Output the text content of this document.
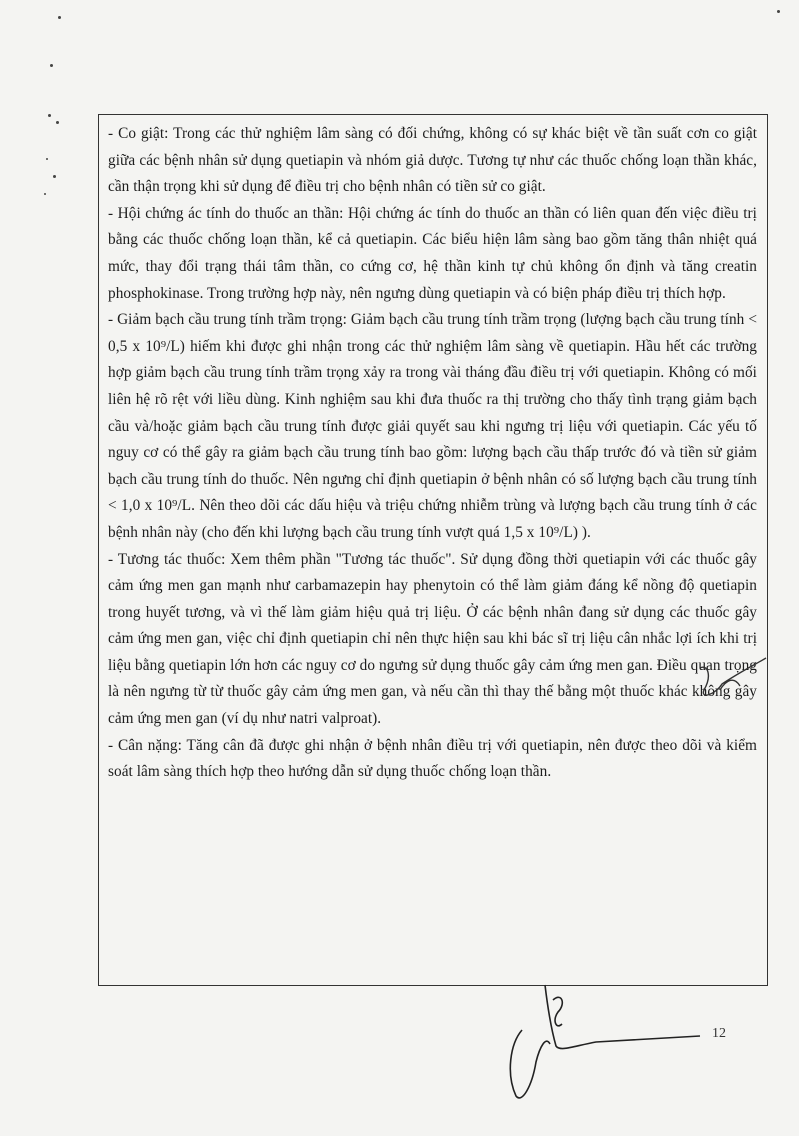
- Co giật: Trong các thử nghiệm lâm sàng có đối chứng, không có sự khác biệt về tần suất cơn co giật giữa các bệnh nhân sử dụng quetiapin và nhóm giả dược. Tương tự như các thuốc chống loạn thần khác, cần thận trọng khi sử dụng để điều trị cho bệnh nhân có tiền sử co giật.

- Hội chứng ác tính do thuốc an thần: Hội chứng ác tính do thuốc an thần có liên quan đến việc điều trị bằng các thuốc chống loạn thần, kể cả quetiapin. Các biểu hiện lâm sàng bao gồm tăng thân nhiệt quá mức, thay đổi trạng thái tâm thần, co cứng cơ, hệ thần kinh tự chủ không ổn định và tăng creatin phosphokinase. Trong trường hợp này, nên ngưng dùng quetiapin và có biện pháp điều trị thích hợp.

- Giảm bạch cầu trung tính trầm trọng: Giảm bạch cầu trung tính trầm trọng (lượng bạch cầu trung tính < 0,5 x 10⁹/L) hiếm khi được ghi nhận trong các thử nghiệm lâm sàng về quetiapin. Hầu hết các trường hợp giảm bạch cầu trung tính trầm trọng xảy ra trong vài tháng đầu điều trị với quetiapin. Không có mối liên hệ rõ rệt với liều dùng. Kinh nghiệm sau khi đưa thuốc ra thị trường cho thấy tình trạng giảm bạch cầu và/hoặc giảm bạch cầu trung tính được giải quyết sau khi ngưng trị liệu với quetiapin. Các yếu tố nguy cơ có thể gây ra giảm bạch cầu trung tính bao gồm: lượng bạch cầu thấp trước đó và tiền sử giảm bạch cầu trung tính do thuốc. Nên ngưng chỉ định quetiapin ở bệnh nhân có số lượng bạch cầu trung tính < 1,0 x 10⁹/L. Nên theo dõi các dấu hiệu và triệu chứng nhiễm trùng và lượng bạch cầu trung tính ở các bệnh nhân này (cho đến khi lượng bạch cầu trung tính vượt quá 1,5 x 10⁹/L) ).

- Tương tác thuốc: Xem thêm phần "Tương tác thuốc". Sử dụng đồng thời quetiapin với các thuốc gây cảm ứng men gan mạnh như carbamazepin hay phenytoin có thể làm giảm đáng kể nồng độ quetiapin trong huyết tương, và vì thế làm giảm hiệu quả trị liệu. Ở các bệnh nhân đang sử dụng các thuốc gây cảm ứng men gan, việc chỉ định quetiapin chỉ nên thực hiện sau khi bác sĩ trị liệu cân nhắc lợi ích khi trị liệu bằng quetiapin lớn hơn các nguy cơ do ngưng sử dụng thuốc gây cảm ứng men gan. Điều quan trọng là nên ngưng từ từ thuốc gây cảm ứng men gan, và nếu cần thì thay thế bằng một thuốc khác không gây cảm ứng men gan (ví dụ như natri valproat).

- Cân nặng: Tăng cân đã được ghi nhận ở bệnh nhân điều trị với quetiapin, nên được theo dõi và kiểm soát lâm sàng thích hợp theo hướng dẫn sử dụng thuốc chống loạn thần.

12
